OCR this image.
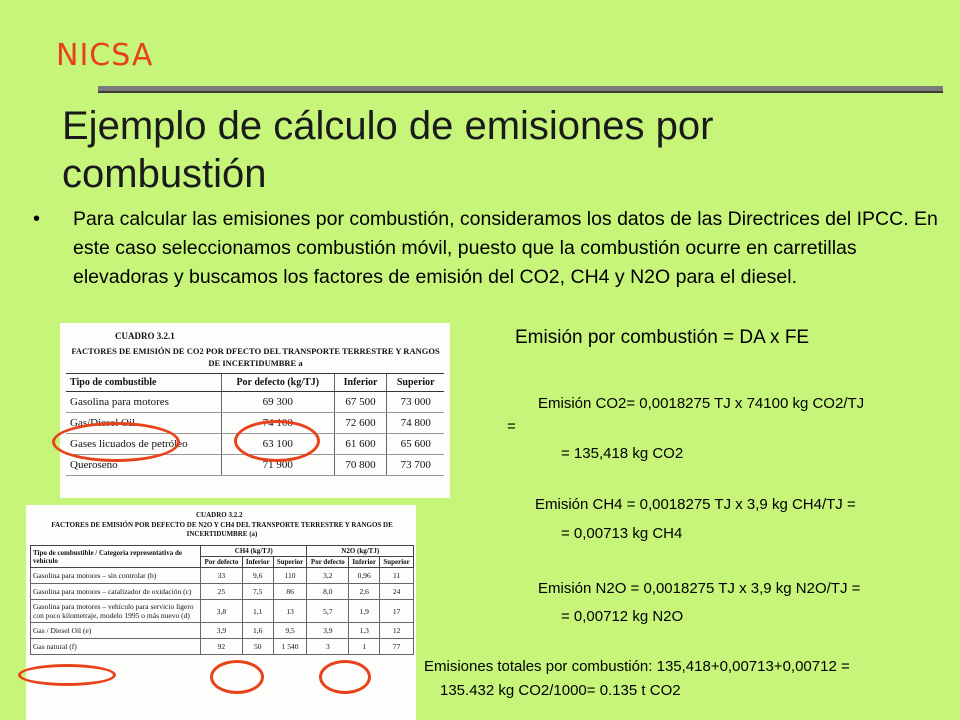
NICSA
Ejemplo de cálculo de emisiones por combustión
• Para calcular las emisiones por combustión, consideramos los datos de las Directrices del IPCC. En este caso seleccionamos combustión móvil, puesto que la combustión ocurre en carretillas elevadoras y buscamos los factores de emisión del CO2, CH4 y N2O para el diesel.
CUADRO 3.2.1
FACTORES DE EMISIÓN DE CO2 POR DFECTO DEL TRANSPORTE TERRESTRE Y RANGOS DE INCERTIDUMBRE a
Tipo de combustible	Por defecto (kg/TJ)	Inferior	Superior
Gasolina para motores	69 300	67 500	73 000
Gas/Diesel Oil	74 100	72 600	74 800
Gases licuados de petróleo	63 100	61 600	65 600
Queroseno	71 900	70 800	73 700
CUADRO 3.2.2
FACTORES DE EMISIÓN POR DEFECTO DE N2O Y CH4 DEL TRANSPORTE TERRESTRE Y RANGOS DE INCERTIDUMBRE (a)
Tipo de combustible / Categoría representativa de vehículo	CH4 (kg/TJ)			N2O (kg/TJ)		
	Por defecto	Inferior	Superior	Por defecto	Inferior	Superior
Gasolina para motores – sin controlar (b)	33	9,6	110	3,2	0,96	11
Gasolina para motores – catalizador de oxidación (c)	25	7,5	86	8,0	2,6	24
Gasolina para motores – vehículo para servicio ligero con poco kilometraje, modelo 1995 o más nuevo (d)	3,8	1,1	13	5,7	1,9	17
Gas / Diesel Oil (e)	3,9	1,6	9,5	3,9	1,3	12
Gas natural (f)	92	50	1 540	3	1	77
Emisión por combustión = DA x FE
Emisión CO2= 0,0018275 TJ x 74100 kg CO2/TJ
=
= 135,418 kg CO2
Emisión CH4 = 0,0018275 TJ x 3,9 kg CH4/TJ =
= 0,00713 kg CH4
Emisión N2O = 0,0018275 TJ x 3,9 kg N2O/TJ =
= 0,00712 kg N2O
Emisiones totales por combustión: 135,418+0,00713+0,00712 =
135.432 kg CO2/1000= 0.135 t CO2
